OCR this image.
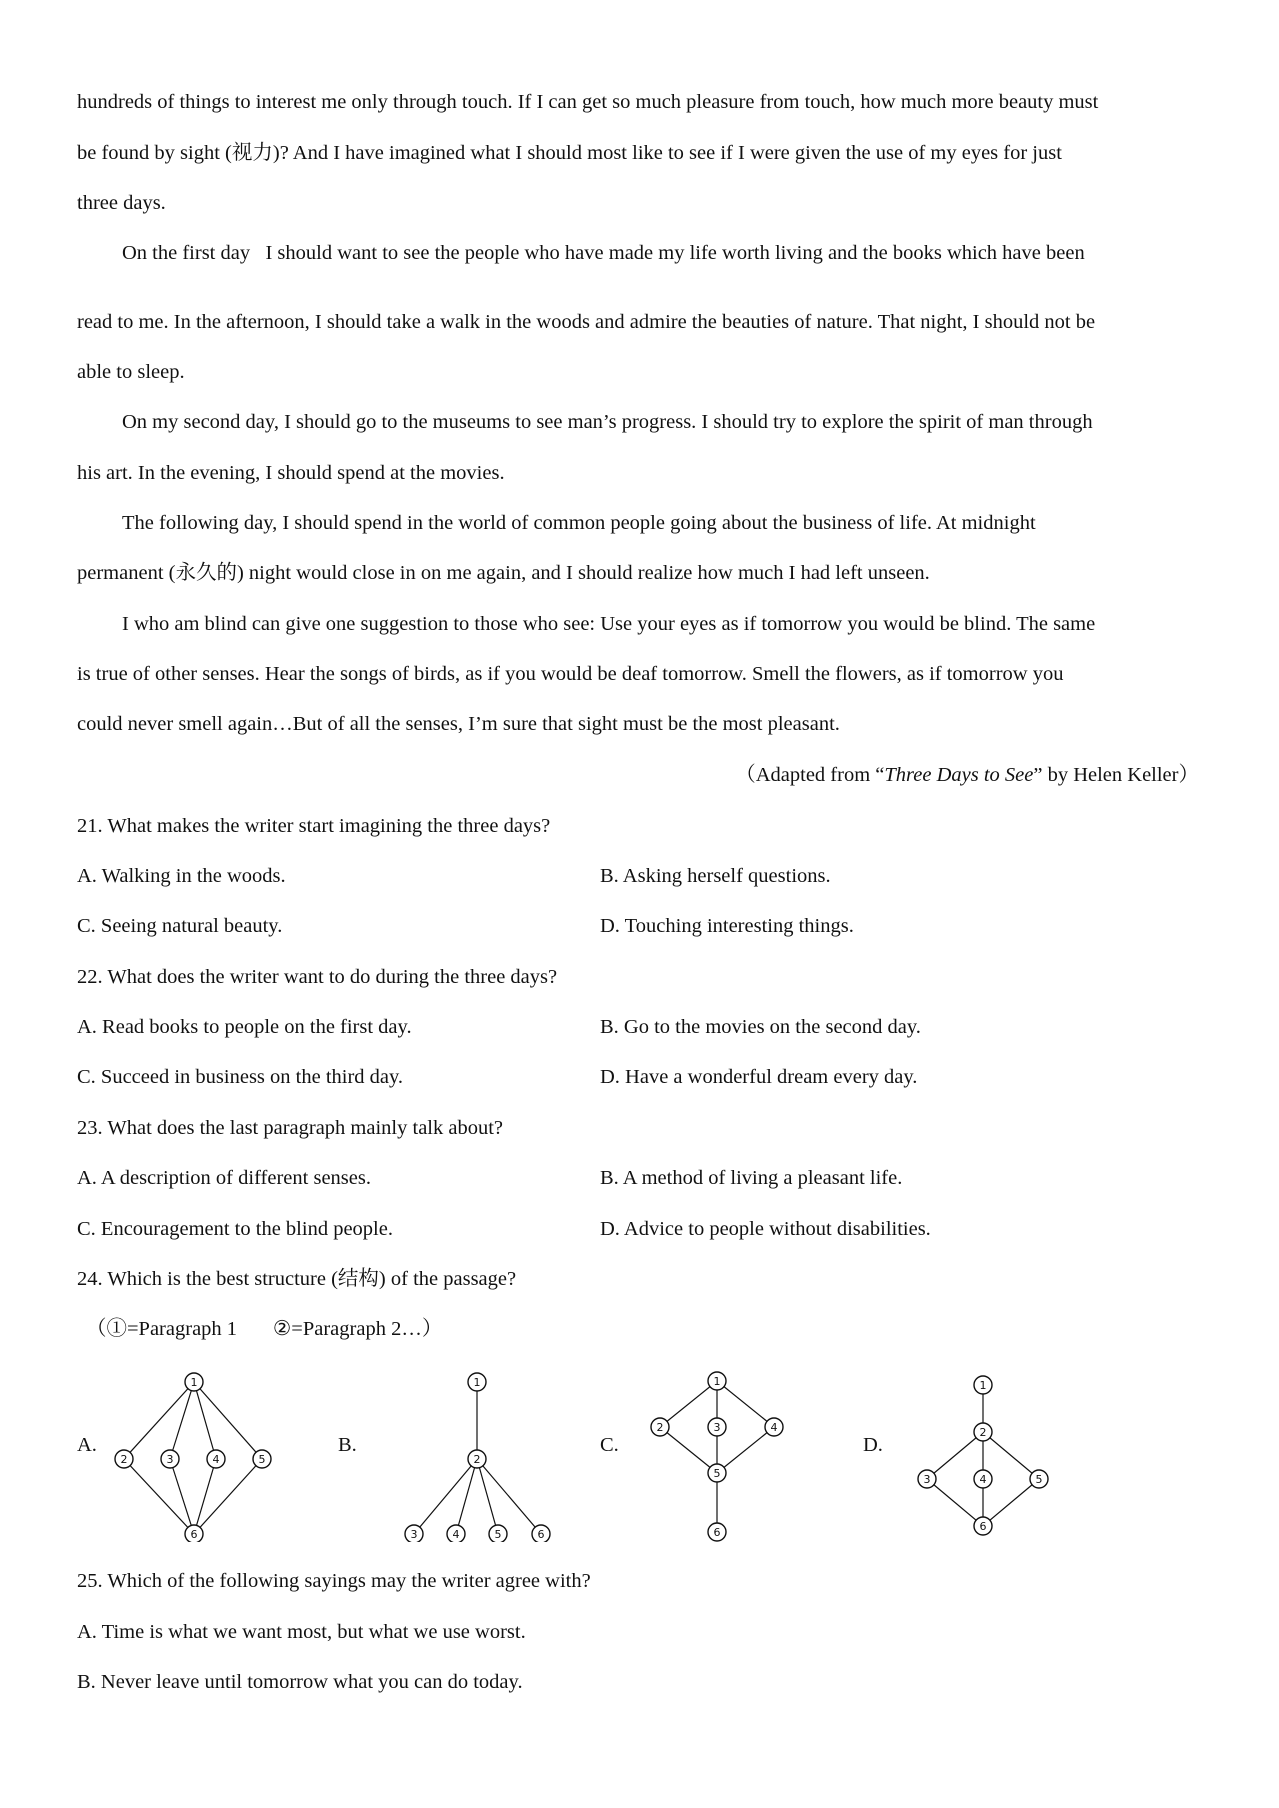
hundreds of things to interest me only through touch. If I can get so much pleasure from touch, how much more beauty must
be found by sight (视力)? And I have imagined what I should most like to see if I were given the use of my eyes for just
three days.
On the first day   I should want to see the people who have made my life worth living and the books which have been
read to me. In the afternoon, I should take a walk in the woods and admire the beauties of nature. That night, I should not be
able to sleep.
On my second day, I should go to the museums to see man’s progress. I should try to explore the spirit of man through
his art. In the evening, I should spend at the movies.
The following day, I should spend in the world of common people going about the business of life. At midnight
permanent (永久的) night would close in on me again, and I should realize how much I had left unseen.
I who am blind can give one suggestion to those who see: Use your eyes as if tomorrow you would be blind. The same
is true of other senses. Hear the songs of birds, as if you would be deaf tomorrow. Smell the flowers, as if tomorrow you
could never smell again…But of all the senses, I’m sure that sight must be the most pleasant.
（Adapted from “Three Days to See” by Helen Keller）
21. What makes the writer start imagining the three days?
A. Walking in the woods.	B. Asking herself questions.
C. Seeing natural beauty.	D. Touching interesting things.
22. What does the writer want to do during the three days?
A. Read books to people on the first day.	B. Go to the movies on the second day.
C. Succeed in business on the third day.	D. Have a wonderful dream every day.
23. What does the last paragraph mainly talk about?
A. A description of different senses.	B. A method of living a pleasant life.
C. Encouragement to the blind people.	D. Advice to people without disabilities.
24. Which is the best structure (结构) of the passage?
（①=Paragraph 1       ②=Paragraph 2…）
A.	B.	C.	D.
1
2	3	4	5
6
1
2
3	4	5	6
1
2	3	4
5
6
1
2
3	4	5
6
25. Which of the following sayings may the writer agree with?
A. Time is what we want most, but what we use worst.
B. Never leave until tomorrow what you can do today.
